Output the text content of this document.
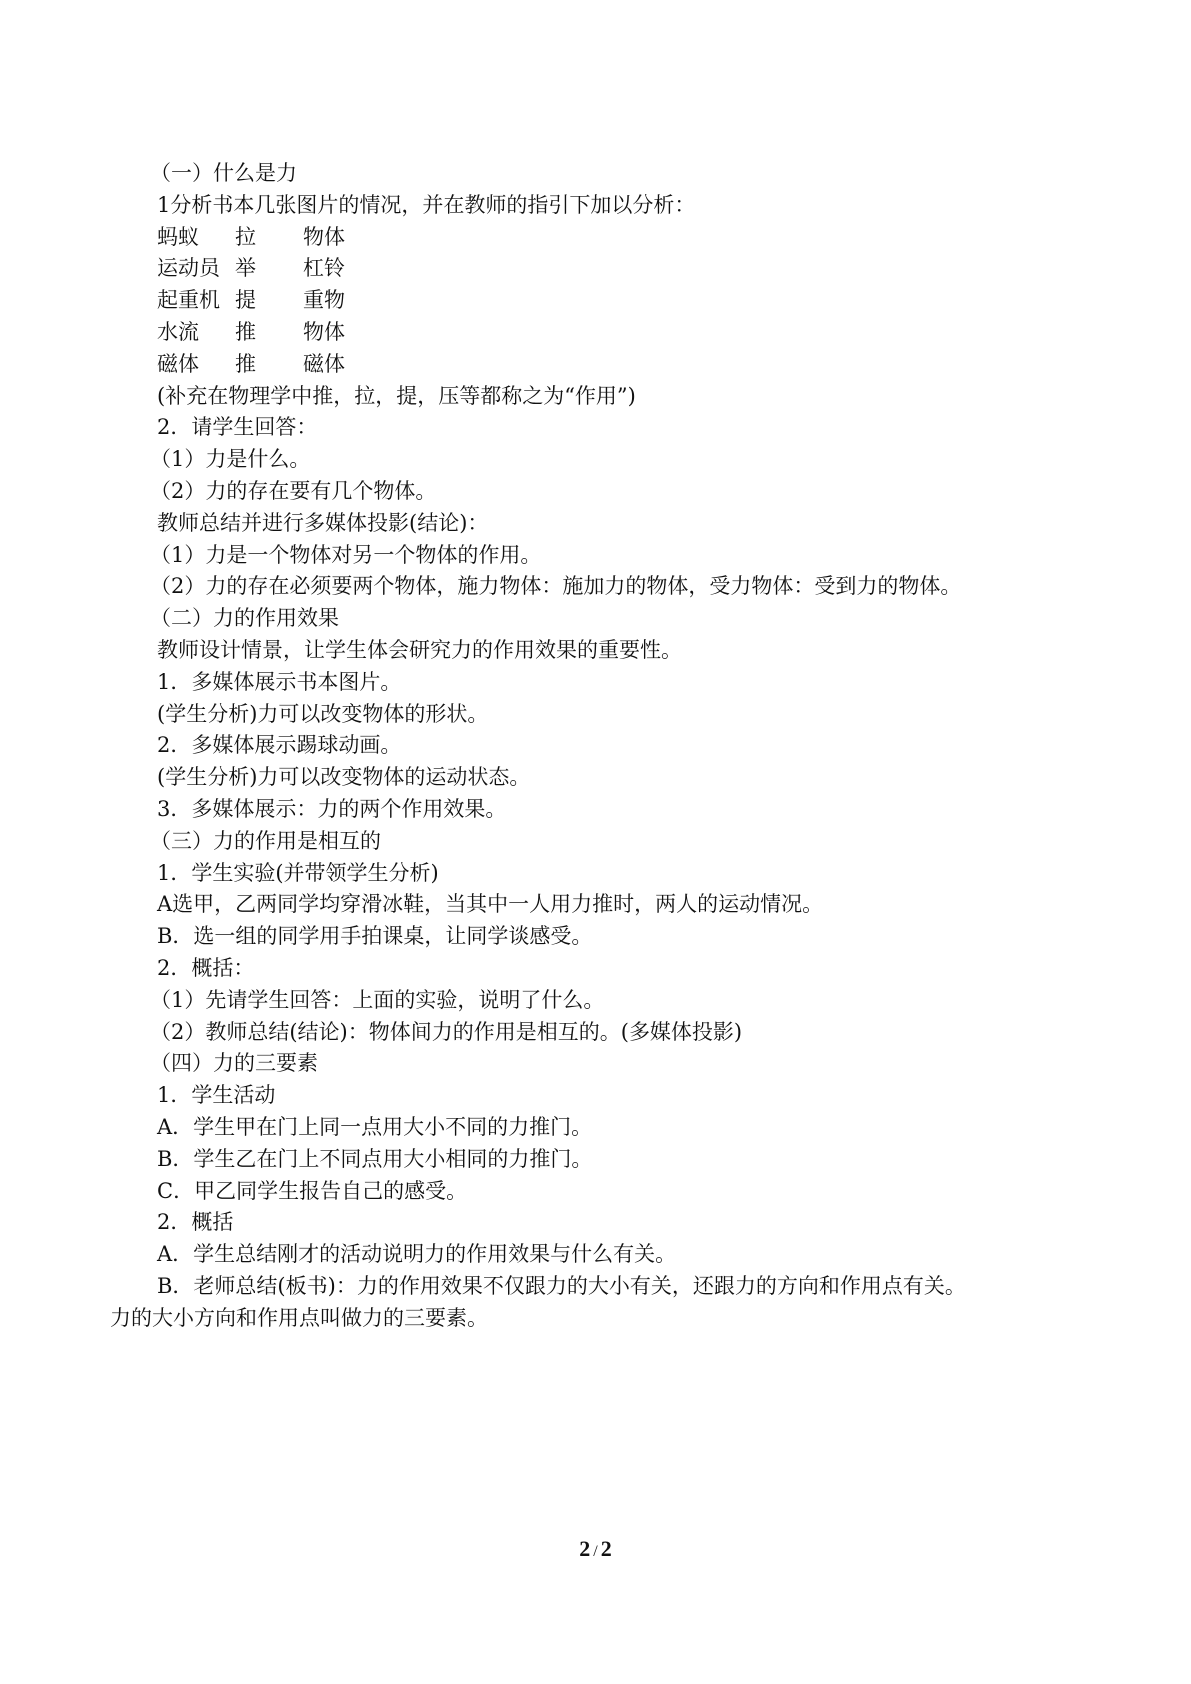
（一）什么是力
1分析书本几张图片的情况，并在教师的指引下加以分析：
蚂蚁 拉 物体
运动员 举 杠铃
起重机 提 重物
水流 推 物体
磁体 推 磁体
(补充在物理学中推，拉，提，压等都称之为“作用”)
2．请学生回答：
（1）力是什么。
（2）力的存在要有几个物体。
教师总结并进行多媒体投影(结论)：
（1）力是一个物体对另一个物体的作用。
（2）力的存在必须要两个物体，施力物体：施加力的物体，受力物体：受到力的物体。
（二）力的作用效果
教师设计情景，让学生体会研究力的作用效果的重要性。
1．多媒体展示书本图片。
(学生分析)力可以改变物体的形状。
2．多媒体展示踢球动画。
(学生分析)力可以改变物体的运动状态。
3．多媒体展示：力的两个作用效果。
（三）力的作用是相互的
1．学生实验(并带领学生分析)
A选甲，乙两同学均穿滑冰鞋，当其中一人用力推时，两人的运动情况。
B．选一组的同学用手拍课桌，让同学谈感受。
2．概括：
（1）先请学生回答：上面的实验，说明了什么。
（2）教师总结(结论)：物体间力的作用是相互的。(多媒体投影)
（四）力的三要素
1．学生活动
A．学生甲在门上同一点用大小不同的力推门。
B．学生乙在门上不同点用大小相同的力推门。
C．甲乙同学生报告自己的感受。
2．概括
A．学生总结刚才的活动说明力的作用效果与什么有关。
B．老师总结(板书)：力的作用效果不仅跟力的大小有关，还跟力的方向和作用点有关。
力的大小方向和作用点叫做力的三要素。
2 / 2
